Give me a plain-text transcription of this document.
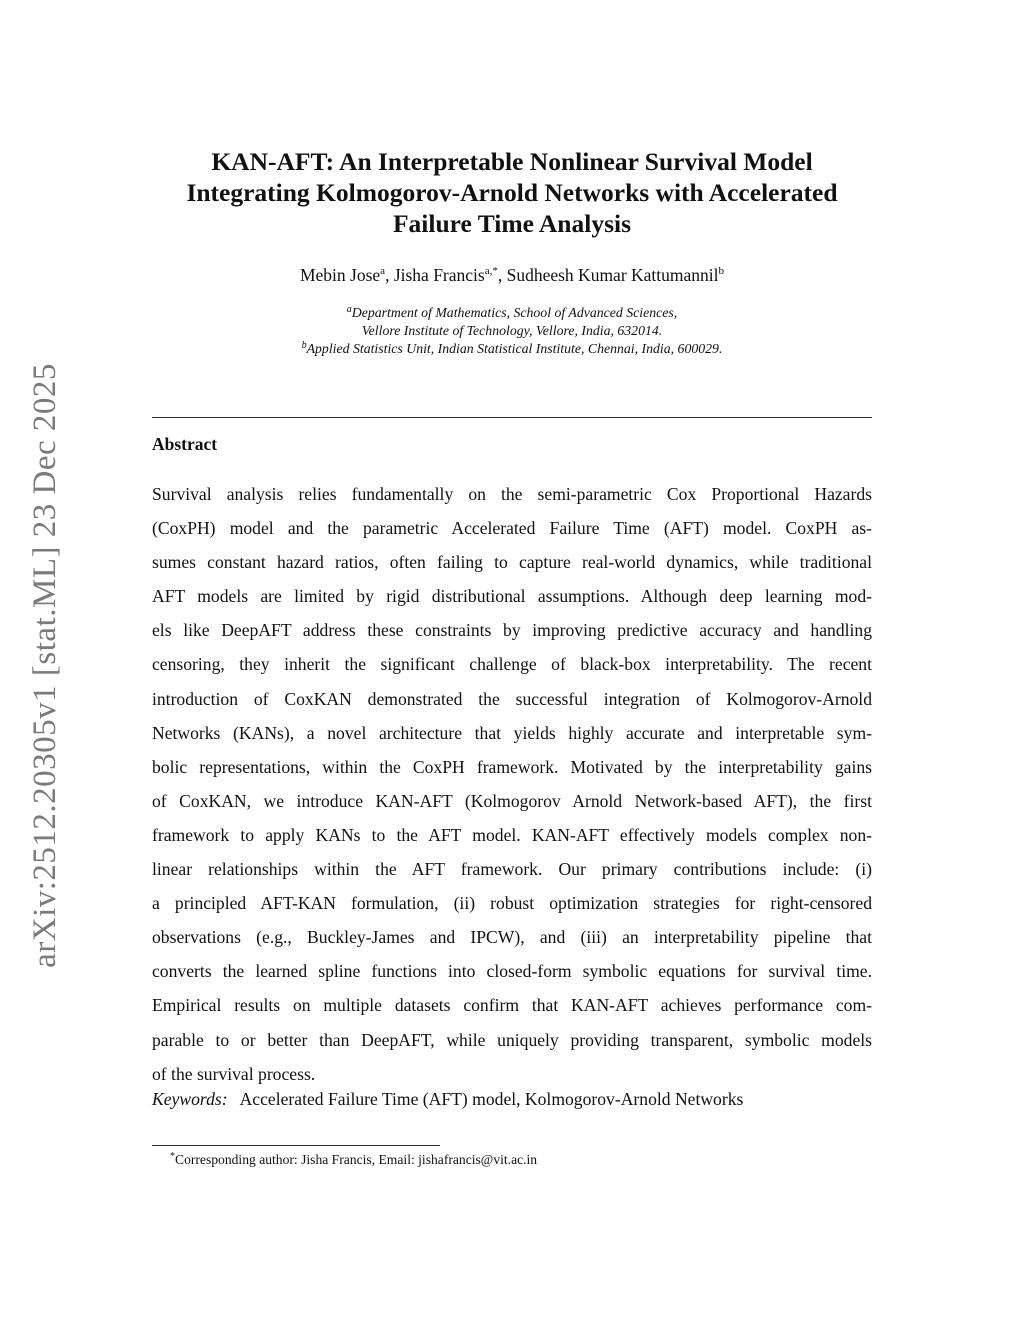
arXiv:2512.20305v1 [stat.ML] 23 Dec 2025
KAN-AFT: An Interpretable Nonlinear Survival Model
Integrating Kolmogorov-Arnold Networks with Accelerated
Failure Time Analysis
Mebin Jose$^a$, Jisha Francis$^{a,*}$, Sudheesh Kumar Kattumannil$^b$
$^a$Department of Mathematics, School of Advanced Sciences,
Vellore Institute of Technology, Vellore, India, 632014.
$^b$Applied Statistics Unit, Indian Statistical Institute, Chennai, India, 600029.
Abstract
Survival analysis relies fundamentally on the semi-parametric Cox Proportional Hazards
(CoxPH) model and the parametric Accelerated Failure Time (AFT) model. CoxPH as-
sumes constant hazard ratios, often failing to capture real-world dynamics, while traditional
AFT models are limited by rigid distributional assumptions. Although deep learning mod-
els like DeepAFT address these constraints by improving predictive accuracy and handling
censoring, they inherit the significant challenge of black-box interpretability. The recent
introduction of CoxKAN demonstrated the successful integration of Kolmogorov-Arnold
Networks (KANs), a novel architecture that yields highly accurate and interpretable sym-
bolic representations, within the CoxPH framework. Motivated by the interpretability gains
of CoxKAN, we introduce KAN-AFT (Kolmogorov Arnold Network-based AFT), the first
framework to apply KANs to the AFT model. KAN-AFT effectively models complex non-
linear relationships within the AFT framework. Our primary contributions include: (i)
a principled AFT-KAN formulation, (ii) robust optimization strategies for right-censored
observations (e.g., Buckley-James and IPCW), and (iii) an interpretability pipeline that
converts the learned spline functions into closed-form symbolic equations for survival time.
Empirical results on multiple datasets confirm that KAN-AFT achieves performance com-
parable to or better than DeepAFT, while uniquely providing transparent, symbolic models
of the survival process.
Keywords: Accelerated Failure Time (AFT) model, Kolmogorov-Arnold Networks
*Corresponding author: Jisha Francis, Email: jishafrancis@vit.ac.in
